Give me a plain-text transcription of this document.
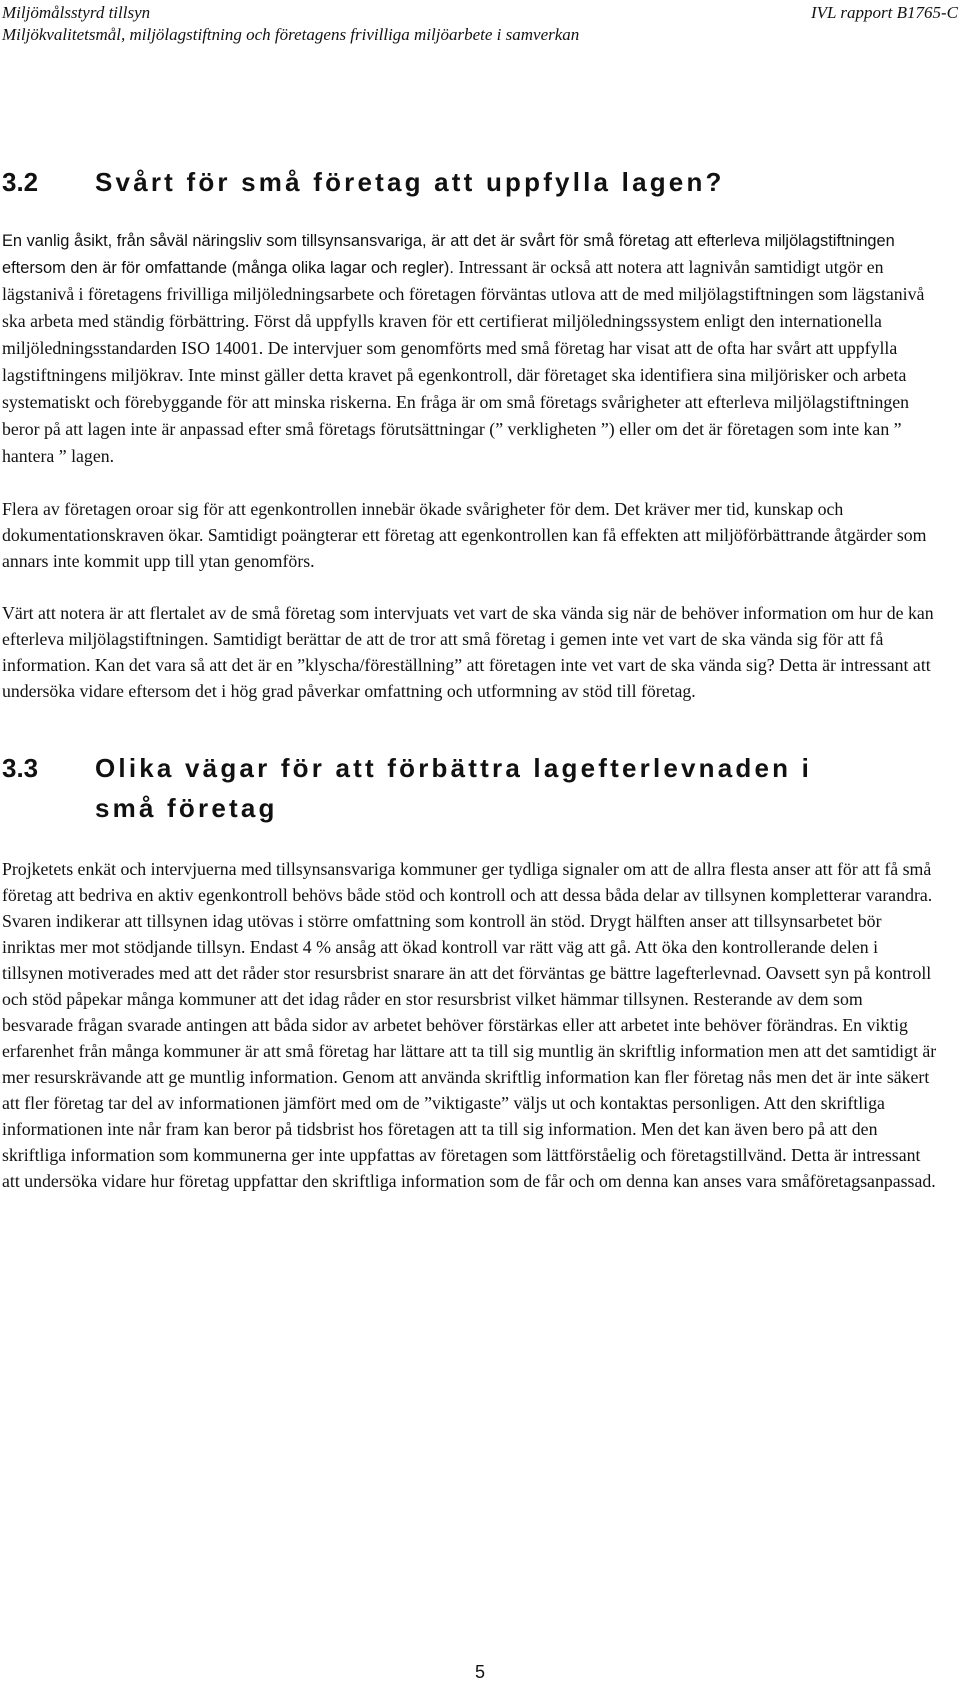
Miljömålsstyrd tillsyn
Miljökvalitetsmål, miljölagstiftning och företagens frivilliga miljöarbete i samverkan
IVL rapport B1765-C
3.2 Svårt för små företag att uppfylla lagen?

En vanlig åsikt, från såväl näringsliv som tillsynsansvariga, är att det är svårt för små företag att efterleva miljölagstiftningen eftersom den är för omfattande (många olika lagar och regler). Intressant är också att notera att lagnivån samtidigt utgör en lägstanivå i företagens frivilliga miljöledningsarbete och företagen förväntas utlova att de med miljölagstiftningen som lägstanivå ska arbeta med ständig förbättring. Först då uppfylls kraven för ett certifierat miljöledningssystem enligt den internationella miljöledningsstandarden ISO 14001. De intervjuer som genomförts med små företag har visat att de ofta har svårt att uppfylla lagstiftningens miljökrav. Inte minst gäller detta kravet på egenkontroll, där företaget ska identifiera sina miljörisker och arbeta systematiskt och förebyggande för att minska riskerna. En fråga är om små företags svårigheter att efterleva miljölagstiftningen beror på att lagen inte är anpassad efter små företags förutsättningar (” verkligheten ”) eller om det är företagen som inte kan ” hantera ” lagen.

Flera av företagen oroar sig för att egenkontrollen innebär ökade svårigheter för dem. Det kräver mer tid, kunskap och dokumentationskraven ökar. Samtidigt poängterar ett företag att egenkontrollen kan få effekten att miljöförbättrande åtgärder som annars inte kommit upp till ytan genomförs.

Värt att notera är att flertalet av de små företag som intervjuats vet vart de ska vända sig när de behöver information om hur de kan efterleva miljölagstiftningen. Samtidigt berättar de att de tror att små företag i gemen inte vet vart de ska vända sig för att få information. Kan det vara så att det är en ”klyscha/föreställning” att företagen inte vet vart de ska vända sig? Detta är intressant att undersöka vidare eftersom det i hög grad påverkar omfattning och utformning av stöd till företag.

3.3 Olika vägar för att förbättra lagefterlevnaden i
små företag

Projketets enkät och intervjuerna med tillsynsansvariga kommuner ger tydliga signaler om att de allra flesta anser att för att få små företag att bedriva en aktiv egenkontroll behövs både stöd och kontroll och att dessa båda delar av tillsynen kompletterar varandra. Svaren indikerar att tillsynen idag utövas i större omfattning som kontroll än stöd. Drygt hälften anser att tillsynsarbetet bör inriktas mer mot stödjande tillsyn. Endast 4 % ansåg att ökad kontroll var rätt väg att gå. Att öka den kontrollerande delen i tillsynen motiverades med att det råder stor resursbrist snarare än att det förväntas ge bättre lagefterlevnad. Oavsett syn på kontroll och stöd påpekar många kommuner att det idag råder en stor resursbrist vilket hämmar tillsynen. Resterande av dem som besvarade frågan svarade antingen att båda sidor av arbetet behöver förstärkas eller att arbetet inte behöver förändras. En viktig erfarenhet från många kommuner är att små företag har lättare att ta till sig muntlig än skriftlig information men att det samtidigt är mer resurskrävande att ge muntlig information. Genom att använda skriftlig information kan fler företag nås men det är inte säkert att fler företag tar del av informationen jämfört med om de ”viktigaste” väljs ut och kontaktas personligen. Att den skriftliga informationen inte når fram kan beror på tidsbrist hos företagen att ta till sig information. Men det kan även bero på att den skriftliga information som kommunerna ger inte uppfattas av företagen som lättförståelig och företagstillvänd. Detta är intressant att undersöka vidare hur företag uppfattar den skriftliga information som de får och om denna kan anses vara småföretagsanpassad.

5
